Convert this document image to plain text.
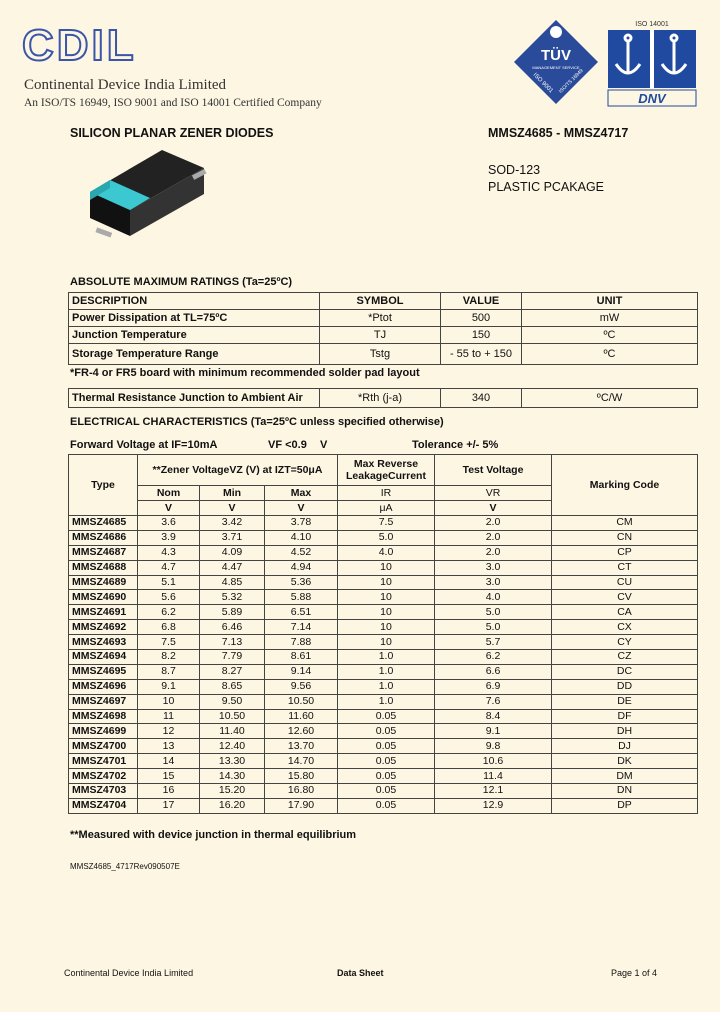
CDIL
Continental Device India Limited
An ISO/TS 16949, ISO 9001 and ISO 14001 Certified Company
TÜV
MANAGEMENT SERVICE
ISO 9001 ISO/TS 16949
ISO 14001
DNV
SILICON PLANAR ZENER DIODES	MMSZ4685 - MMSZ4717
SOD-123
PLASTIC PCAKAGE
ABSOLUTE MAXIMUM RATINGS (Ta=25ºC)
DESCRIPTION	SYMBOL	VALUE	UNIT
Power Dissipation at TL=75ºC	*Ptot	500	mW
Junction Temperature	TJ	150	ºC
Storage Temperature Range	Tstg	- 55 to + 150	ºC
*FR-4 or FR5 board with minimum recommended solder pad layout
Thermal Resistance Junction to Ambient Air	*Rth (j-a)	340	ºC/W
ELECTRICAL CHARACTERISTICS (Ta=25ºC unless specified otherwise)
Forward Voltage at IF=10mA	VF <0.9 V	Tolerance +/- 5%
Type	**Zener VoltageVZ (V) at IZT=50μA			Max Reverse LeakageCurrent	Test Voltage	Marking Code
	Nom	Min	Max	IR	VR	
	V	V	V	μA	V	
MMSZ4685	3.6	3.42	3.78	7.5	2.0	CM
MMSZ4686	3.9	3.71	4.10	5.0	2.0	CN
MMSZ4687	4.3	4.09	4.52	4.0	2.0	CP
MMSZ4688	4.7	4.47	4.94	10	3.0	CT
MMSZ4689	5.1	4.85	5.36	10	3.0	CU
MMSZ4690	5.6	5.32	5.88	10	4.0	CV
MMSZ4691	6.2	5.89	6.51	10	5.0	CA
MMSZ4692	6.8	6.46	7.14	10	5.0	CX
MMSZ4693	7.5	7.13	7.88	10	5.7	CY
MMSZ4694	8.2	7.79	8.61	1.0	6.2	CZ
MMSZ4695	8.7	8.27	9.14	1.0	6.6	DC
MMSZ4696	9.1	8.65	9.56	1.0	6.9	DD
MMSZ4697	10	9.50	10.50	1.0	7.6	DE
MMSZ4698	11	10.50	11.60	0.05	8.4	DF
MMSZ4699	12	11.40	12.60	0.05	9.1	DH
MMSZ4700	13	12.40	13.70	0.05	9.8	DJ
MMSZ4701	14	13.30	14.70	0.05	10.6	DK
MMSZ4702	15	14.30	15.80	0.05	11.4	DM
MMSZ4703	16	15.20	16.80	0.05	12.1	DN
MMSZ4704	17	16.20	17.90	0.05	12.9	DP
**Measured with device junction in thermal equilibrium
MMSZ4685_4717Rev090507E
Continental Device India Limited	Data Sheet	Page 1 of 4
